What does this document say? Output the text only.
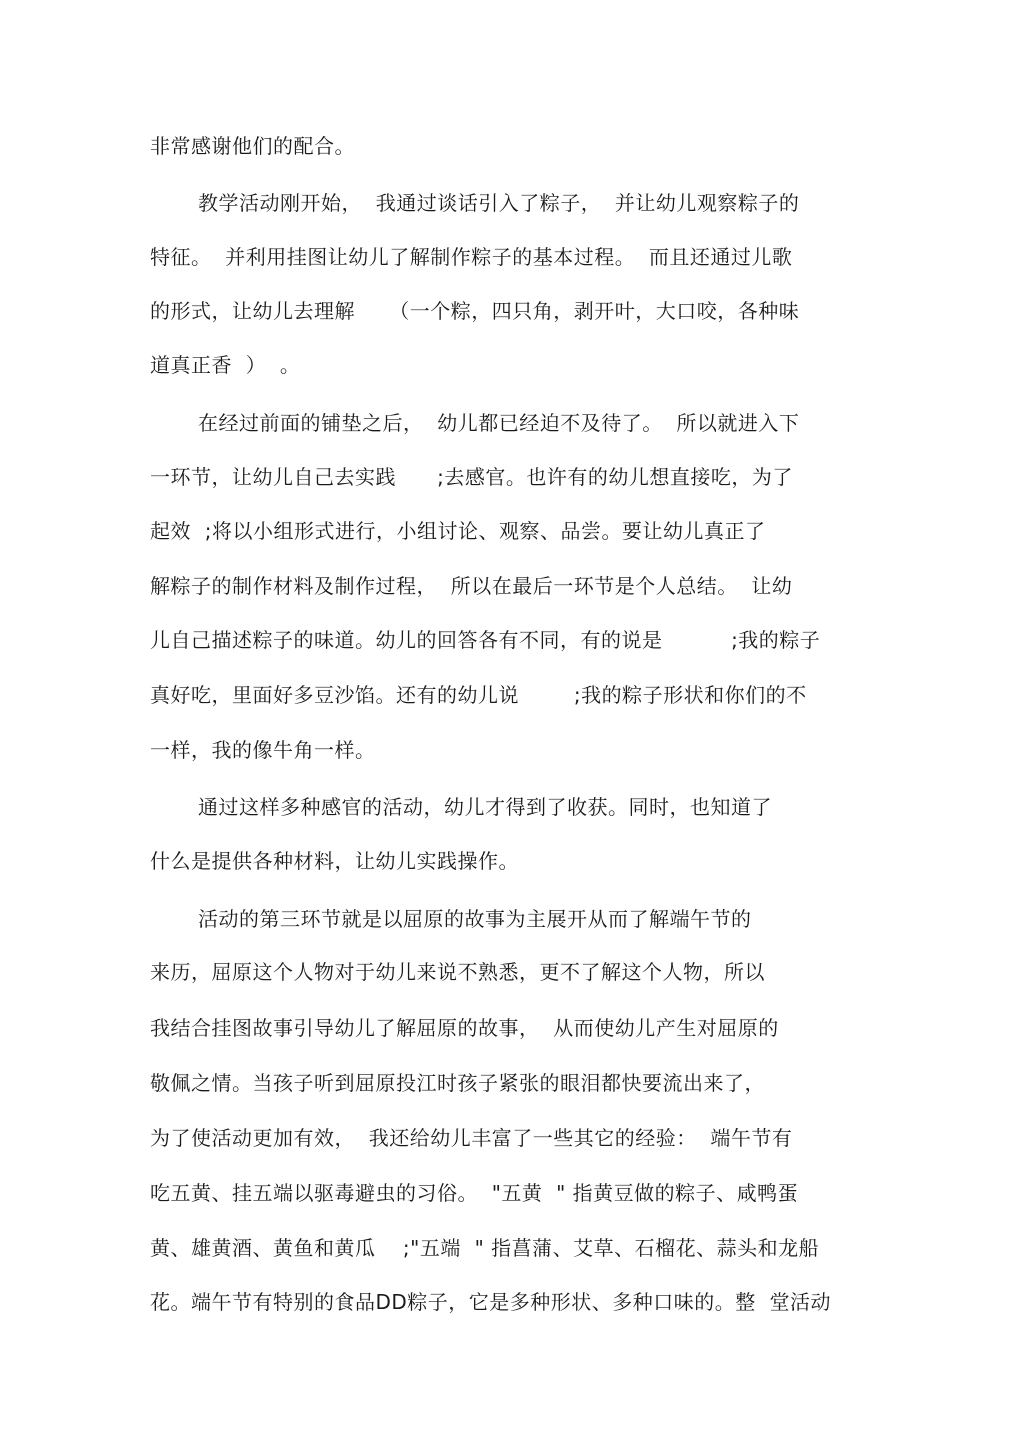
非常感谢他们的配合。
教学活动刚开始，  我通过谈话引入了粽子，  并让幼儿观察粽子的
特征。  并利用挂图让幼儿了解制作粽子的基本过程。  而且还通过儿歌
的形式，让幼儿去理解     （一个粽，四只角，剥开叶，大口咬，各种味
道真正香  ）  。
在经过前面的铺垫之后，  幼儿都已经迫不及待了。  所以就进入下
一环节，让幼儿自己去实践      ;去感官。也许有的幼儿想直接吃，为了
起效  ;将以小组形式进行，小组讨论、观察、品尝。要让幼儿真正了
解粽子的制作材料及制作过程，  所以在最后一环节是个人总结。  让幼
儿自己描述粽子的味道。幼儿的回答各有不同，有的说是          ;我的粽子
真好吃，里面好多豆沙馅。还有的幼儿说        ;我的粽子形状和你们的不
一样，我的像牛角一样。
通过这样多种感官的活动，幼儿才得到了收获。同时，也知道了
什么是提供各种材料，让幼儿实践操作。
活动的第三环节就是以屈原的故事为主展开从而了解端午节的
来历，屈原这个人物对于幼儿来说不熟悉，更不了解这个人物，所以
我结合挂图故事引导幼儿了解屈原的故事，  从而使幼儿产生对屈原的
敬佩之情。当孩子听到屈原投江时孩子紧张的眼泪都快要流出来了，
为了使活动更加有效，  我还给幼儿丰富了一些其它的经验：  端午节有
吃五黄、挂五端以驱毒避虫的习俗。  "五黄  " 指黄豆做的粽子、咸鸭蛋
黄、雄黄酒、黄鱼和黄瓜    ;"五端  " 指菖蒲、艾草、石榴花、蒜头和龙船
花。端午节有特别的食品DD粽子，它是多种形状、多种口味的。整  堂活动
